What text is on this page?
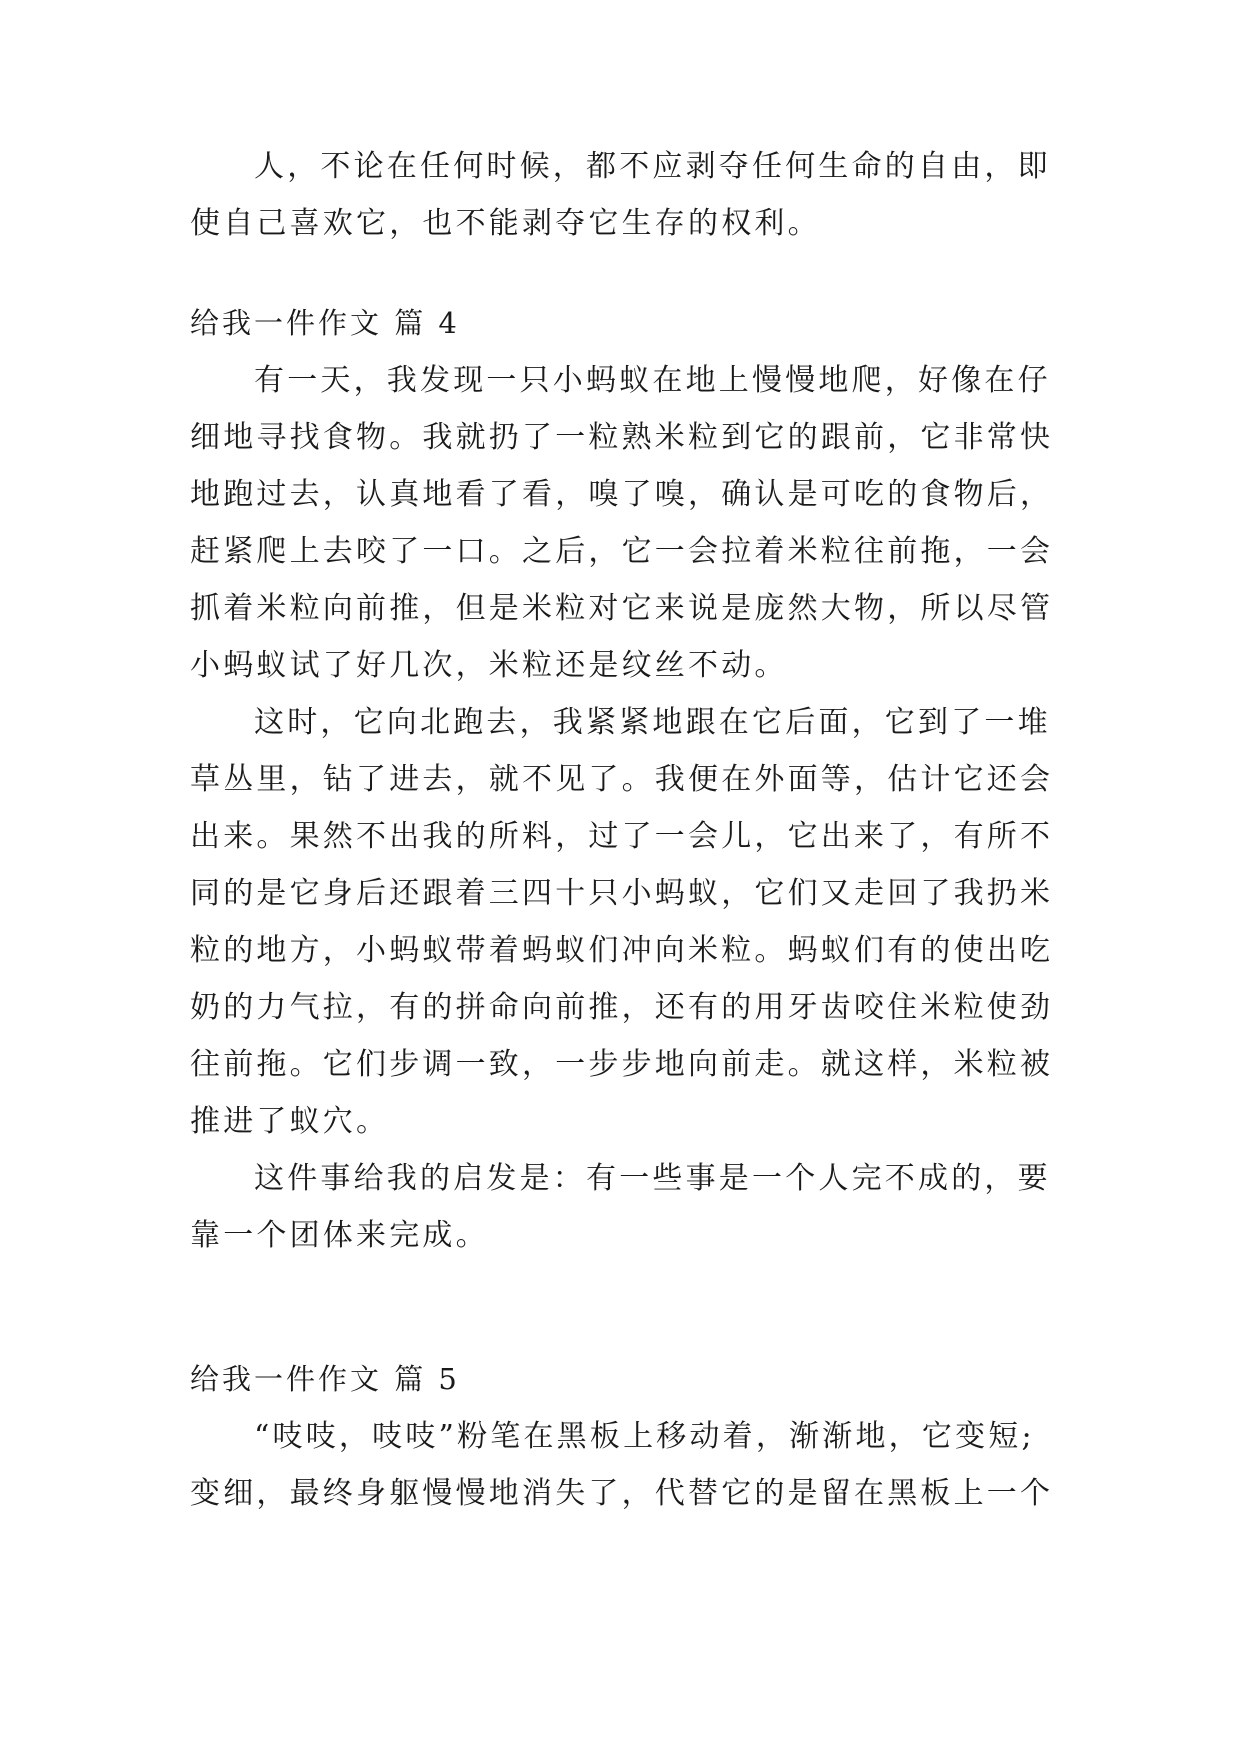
人，不论在任何时候，都不应剥夺任何生命的自由，即
使自己喜欢它，也不能剥夺它生存的权利。
给我一件作文 篇 4
有一天，我发现一只小蚂蚁在地上慢慢地爬，好像在仔
细地寻找食物。我就扔了一粒熟米粒到它的跟前，它非常快
地跑过去，认真地看了看，嗅了嗅，确认是可吃的食物后，
赶紧爬上去咬了一口。之后，它一会拉着米粒往前拖，一会
抓着米粒向前推，但是米粒对它来说是庞然大物，所以尽管
小蚂蚁试了好几次，米粒还是纹丝不动。
这时，它向北跑去，我紧紧地跟在它后面，它到了一堆
草丛里，钻了进去，就不见了。我便在外面等，估计它还会
出来。果然不出我的所料，过了一会儿，它出来了，有所不
同的是它身后还跟着三四十只小蚂蚁，它们又走回了我扔米
粒的地方，小蚂蚁带着蚂蚁们冲向米粒。蚂蚁们有的使出吃
奶的力气拉，有的拼命向前推，还有的用牙齿咬住米粒使劲
往前拖。它们步调一致，一步步地向前走。就这样，米粒被
推进了蚁穴。
这件事给我的启发是：有一些事是一个人完不成的，要
靠一个团体来完成。
给我一件作文 篇 5
“吱吱，吱吱”粉笔在黑板上移动着，渐渐地，它变短;
变细，最终身躯慢慢地消失了，代替它的是留在黑板上一个
